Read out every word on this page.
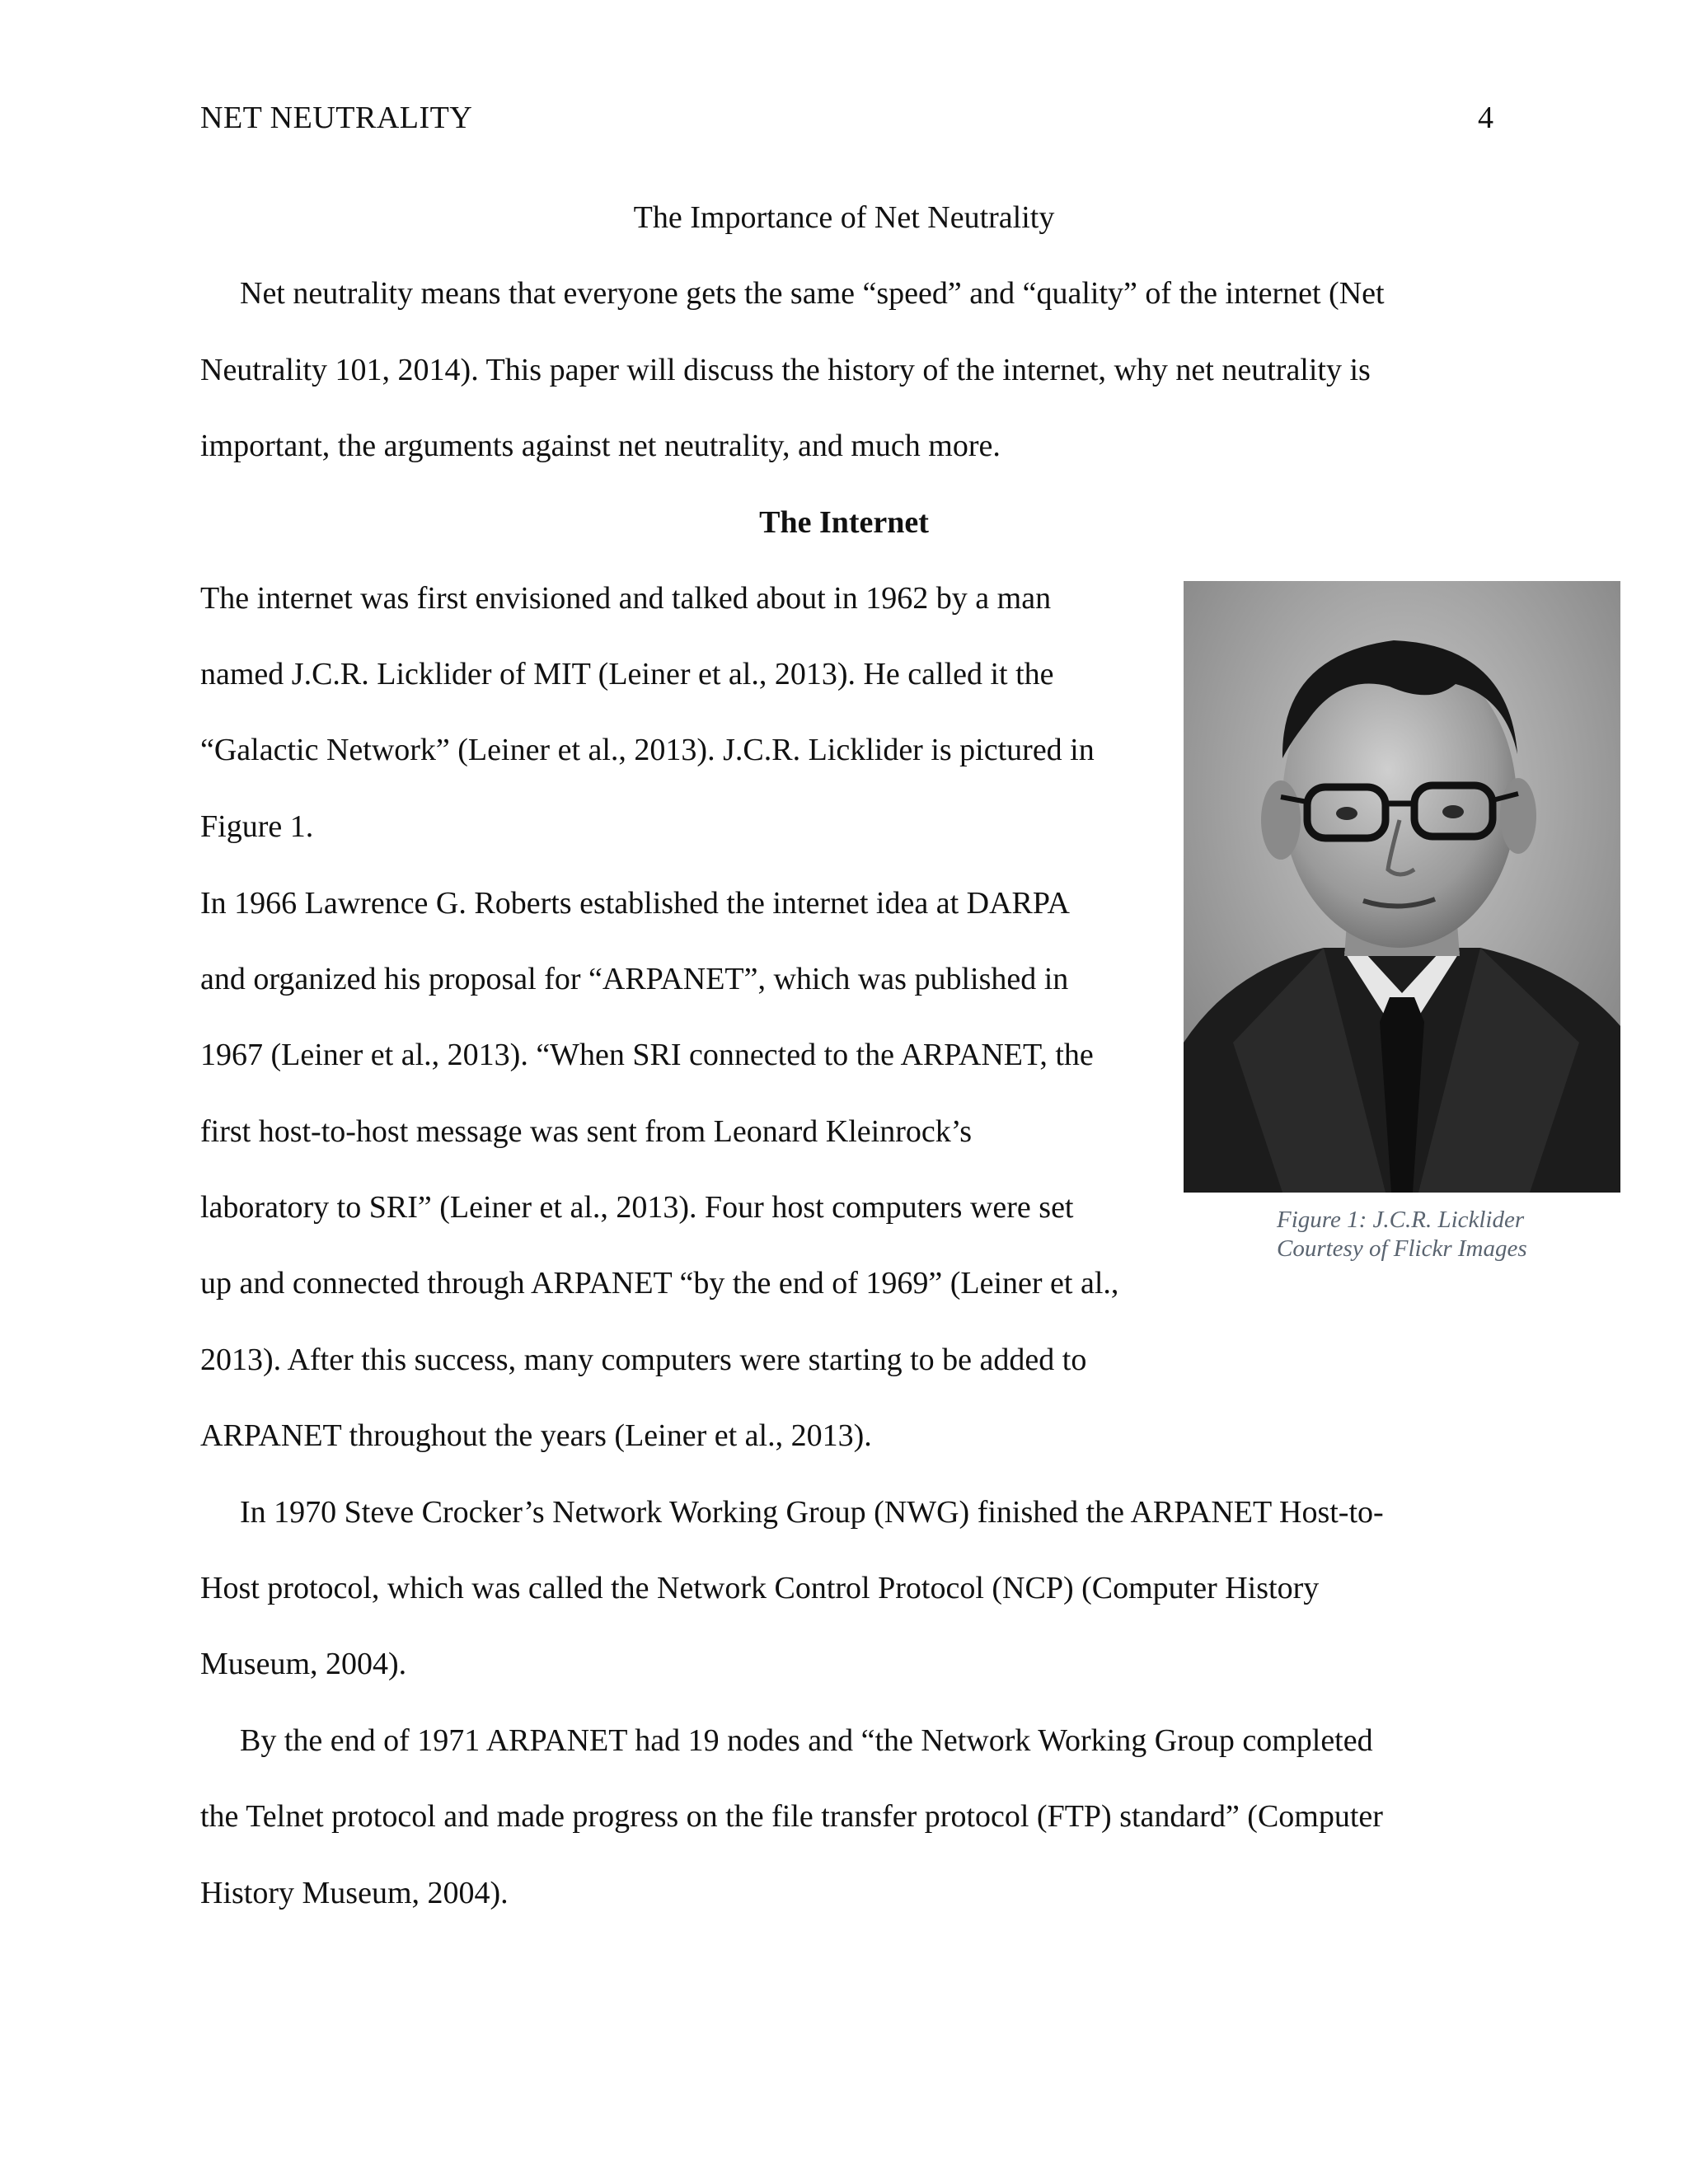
NET NEUTRALITY	4
The Importance of Net Neutrality
Net neutrality means that everyone gets the same “speed” and “quality” of the internet (Net
Neutrality 101, 2014). This paper will discuss the history of the internet, why net neutrality is
important, the arguments against net neutrality, and much more.
The Internet
The internet was first envisioned and talked about in 1962 by a man
named J.C.R. Licklider of MIT (Leiner et al., 2013). He called it the
“Galactic Network” (Leiner et al., 2013). J.C.R. Licklider is pictured in
Figure 1.
In 1966 Lawrence G. Roberts established the internet idea at DARPA
and organized his proposal for “ARPANET”, which was published in
1967 (Leiner et al., 2013). “When SRI connected to the ARPANET, the
first host-to-host message was sent from Leonard Kleinrock’s
laboratory to SRI” (Leiner et al., 2013). Four host computers were set
up and connected through ARPANET “by the end of 1969” (Leiner et al.,
2013). After this success, many computers were starting to be added to
ARPANET throughout the years (Leiner et al., 2013).
In 1970 Steve Crocker’s Network Working Group (NWG) finished the ARPANET Host-to-
Host protocol, which was called the Network Control Protocol (NCP) (Computer History
Museum, 2004).
By the end of 1971 ARPANET had 19 nodes and “the Network Working Group completed
the Telnet protocol and made progress on the file transfer protocol (FTP) standard” (Computer
History Museum, 2004).
Figure 1: J.C.R. Licklider
Courtesy of Flickr Images
